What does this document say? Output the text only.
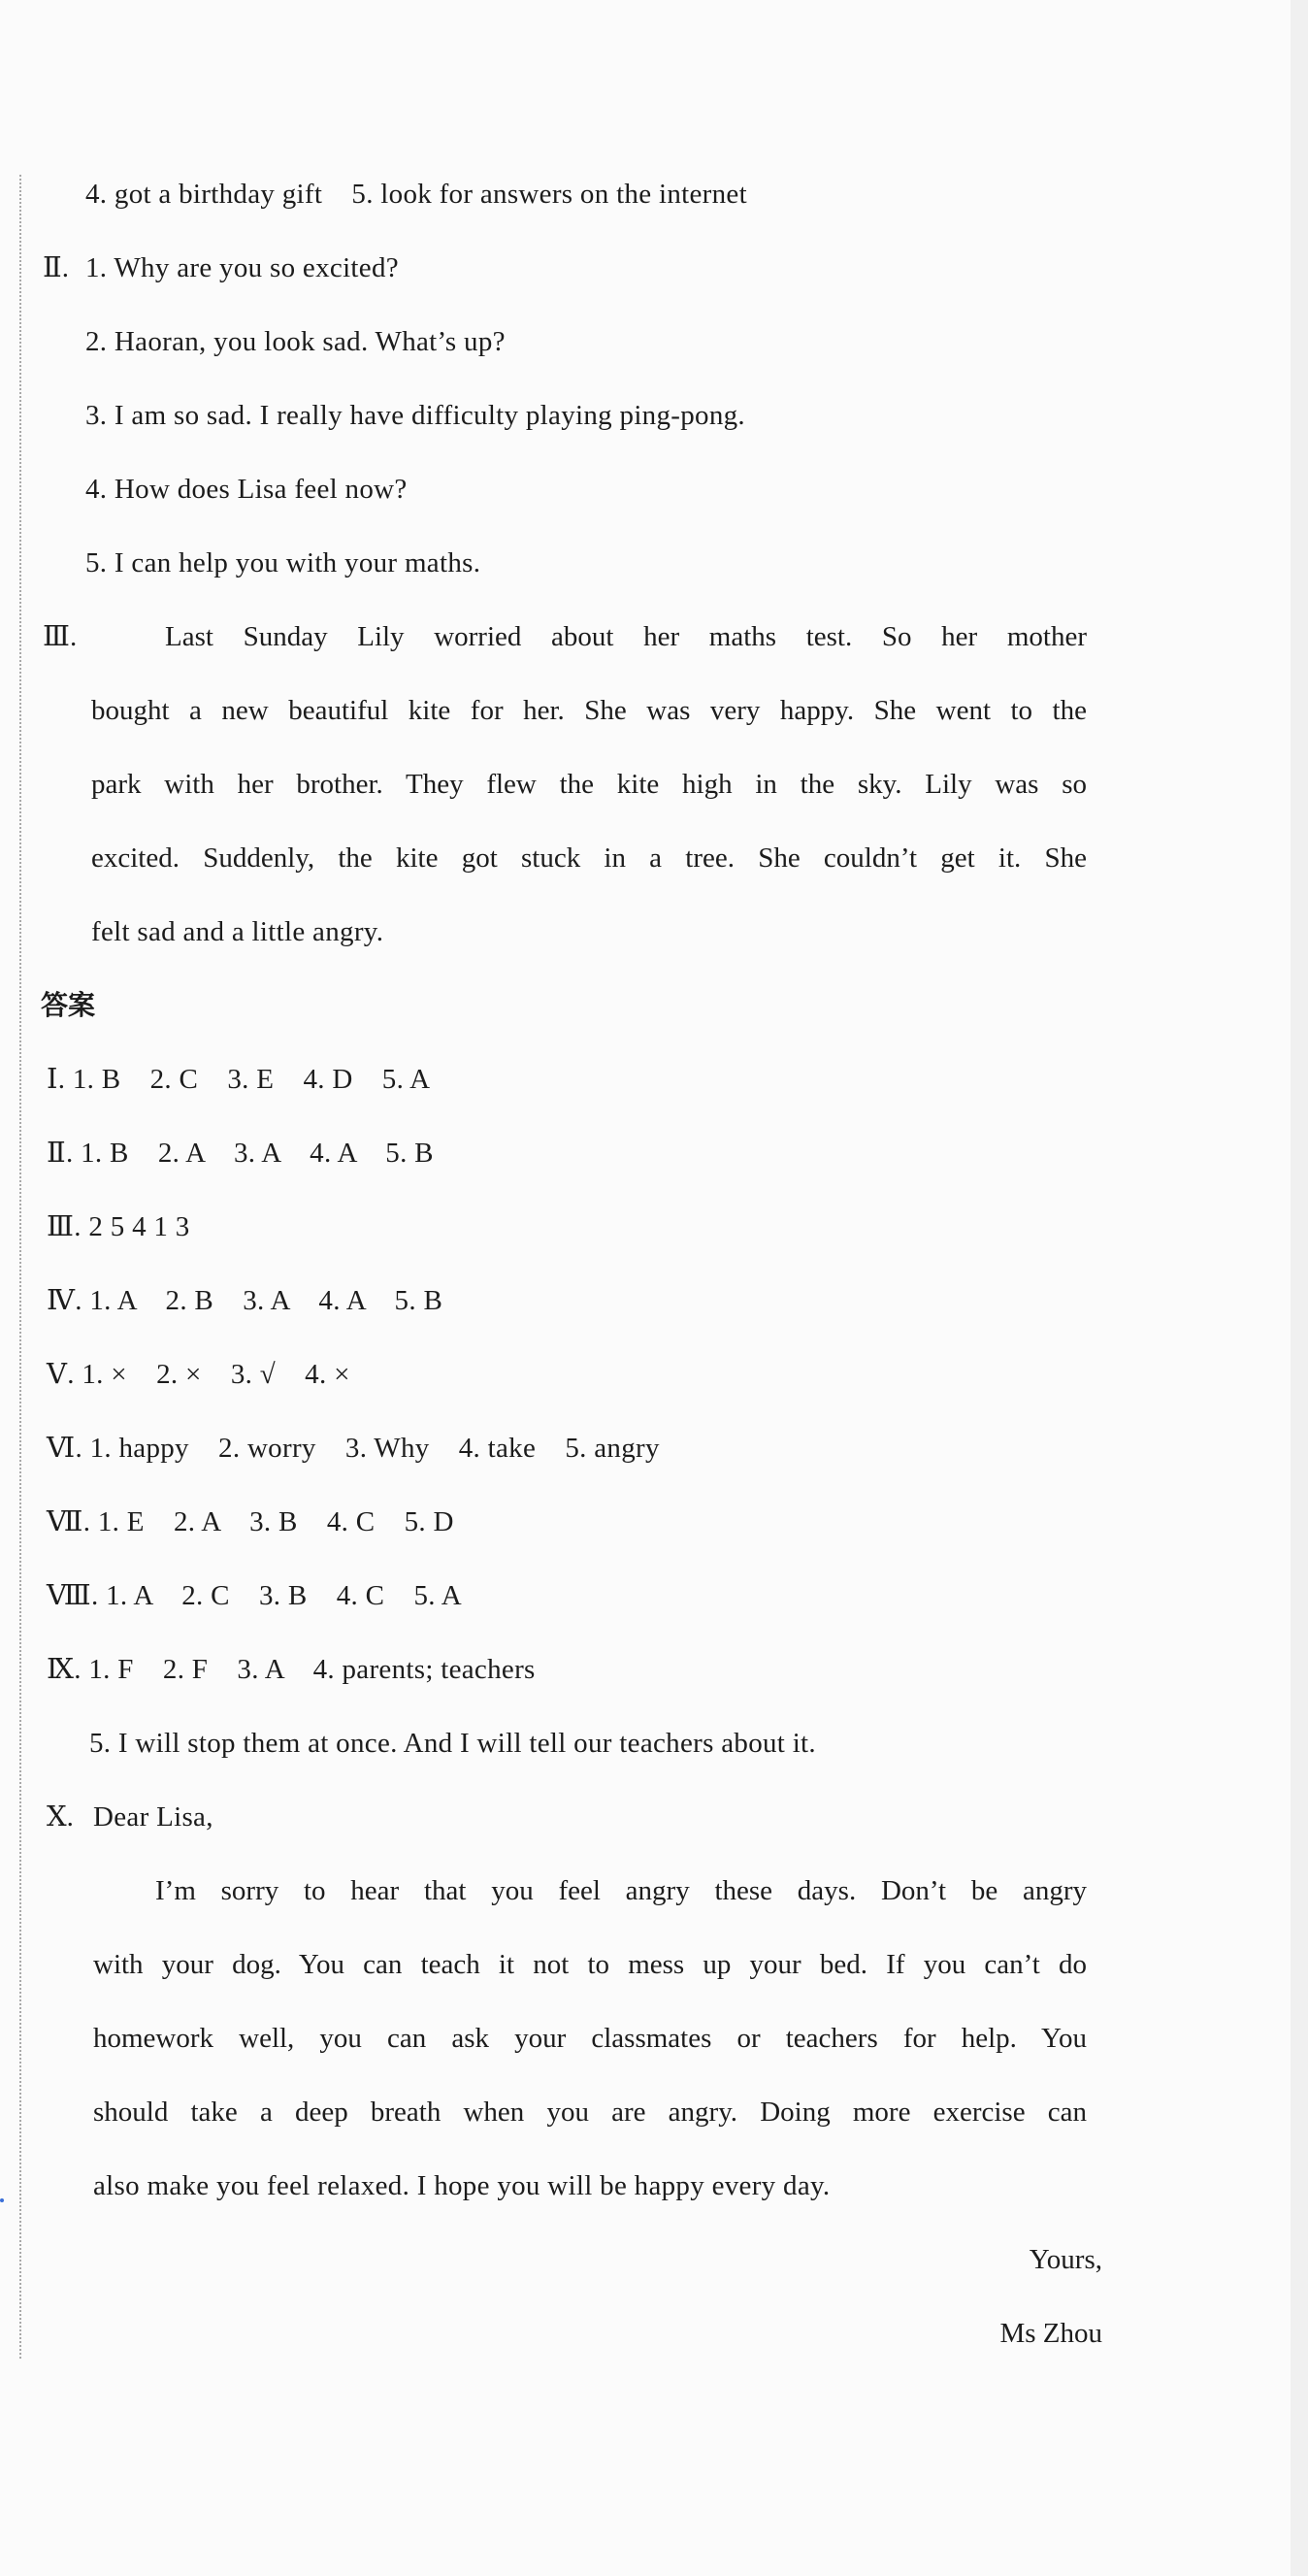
4. got a birthday gift    5. look for answers on the internet
Ⅱ. 1. Why are you so excited?
2. Haoran, you look sad. What’s up?
3. I am so sad. I really have difficulty playing ping-pong.
4. How does Lisa feel now?
5. I can help you with your maths.
Ⅲ.	Last Sunday Lily worried about her maths test. So her mother
bought a new beautiful kite for her. She was very happy. She went to the
park with her brother. They flew the kite high in the sky. Lily was so
excited. Suddenly, the kite got stuck in a tree. She couldn’t get it. She
felt sad and a little angry.
答案
Ⅰ. 1. B    2. C    3. E    4. D    5. A
Ⅱ. 1. B    2. A    3. A    4. A    5. B
Ⅲ. 2 5 4 1 3
Ⅳ. 1. A    2. B    3. A    4. A    5. B
Ⅴ. 1. ×    2. ×    3. √    4. ×
Ⅵ. 1. happy    2. worry    3. Why    4. take    5. angry
Ⅶ. 1. E    2. A    3. B    4. C    5. D
Ⅷ. 1. A    2. C    3. B    4. C    5. A
Ⅸ. 1. F    2. F    3. A    4. parents; teachers
5. I will stop them at once. And I will tell our teachers about it.
Ⅹ. Dear Lisa,
I’m sorry to hear that you feel angry these days. Don’t be angry
with your dog. You can teach it not to mess up your bed. If you can’t do
homework well, you can ask your classmates or teachers for help. You
should take a deep breath when you are angry. Doing more exercise can
also make you feel relaxed. I hope you will be happy every day.
Yours,
Ms Zhou
